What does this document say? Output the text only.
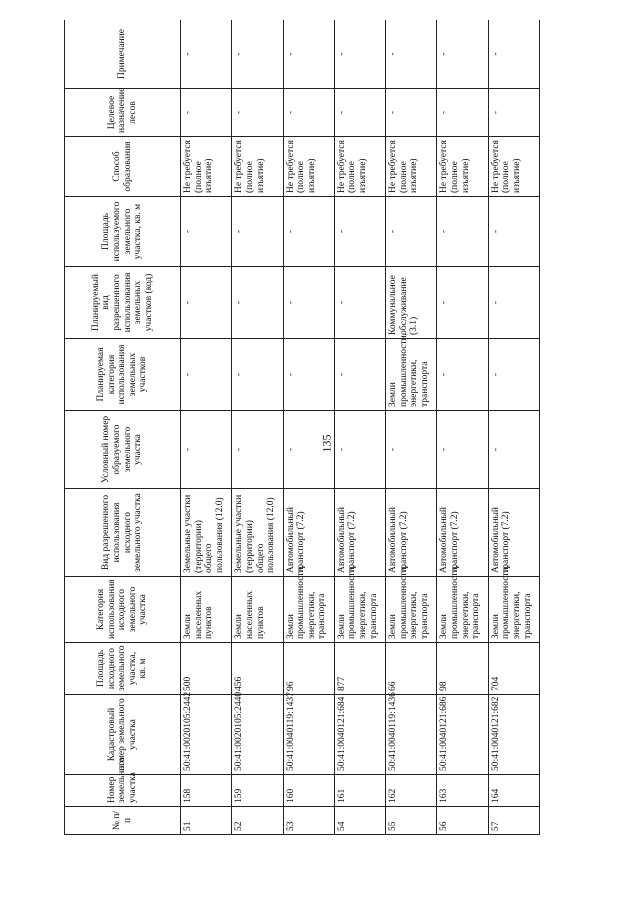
135
№ п/п	Номер земельного участка	Кадастровый номер земельного участка	Площадь исходного земельного участка, кв. м	Категория использования исходного земельного участка	Вид разрешенного использования исходного земельного участка	Условный номер образуемого земельного участка	Планируемая категория использования земельных участков	Планируемый вид разрешенного использования земельных участков (код)	Площадь используемого земельного участка, кв. м	Способ образования	Целевое назначение лесов	Примечание
51	158	50:41:0020105:2442	500	Земли населенных пунктов	Земельные участки (территории) общего пользования (12.0)	-	-	-	-	Не требуется (полное изъятие)	-	-
52	159	50:41:0020105:2440	456	Земли населенных пунктов	Земельные участки (территории) общего пользования (12.0)	-	-	-	-	Не требуется (полное изъятие)	-	-
53	160	50:41:0040119:1437	96	Земли промышленности, энергетики, транспорта	Автомобильный транспорт (7.2)	-	-	-	-	Не требуется (полное изъятие)	-	-
54	161	50:41:0040121:684	877	Земли промышленности, энергетики, транспорта	Автомобильный транспорт (7.2)	-	-	-	-	Не требуется (полное изъятие)	-	-
55	162	50:41:0040119:1436	66	Земли промышленности, энергетики, транспорта	Автомобильный транспорт (7.2)	-	Земли промышленности, энергетики, транспорта	Коммунальное обслуживание (3.1)	-	Не требуется (полное изъятие)	-	-
56	163	50:41:0040121:686	98	Земли промышленности, энергетики, транспорта	Автомобильный транспорт (7.2)	-	-	-	-	Не требуется (полное изъятие)	-	-
57	164	50:41:0040121:682	704	Земли промышленности, энергетики, транспорта	Автомобильный транспорт (7.2)	-	-	-	-	Не требуется (полное изъятие)	-	-
